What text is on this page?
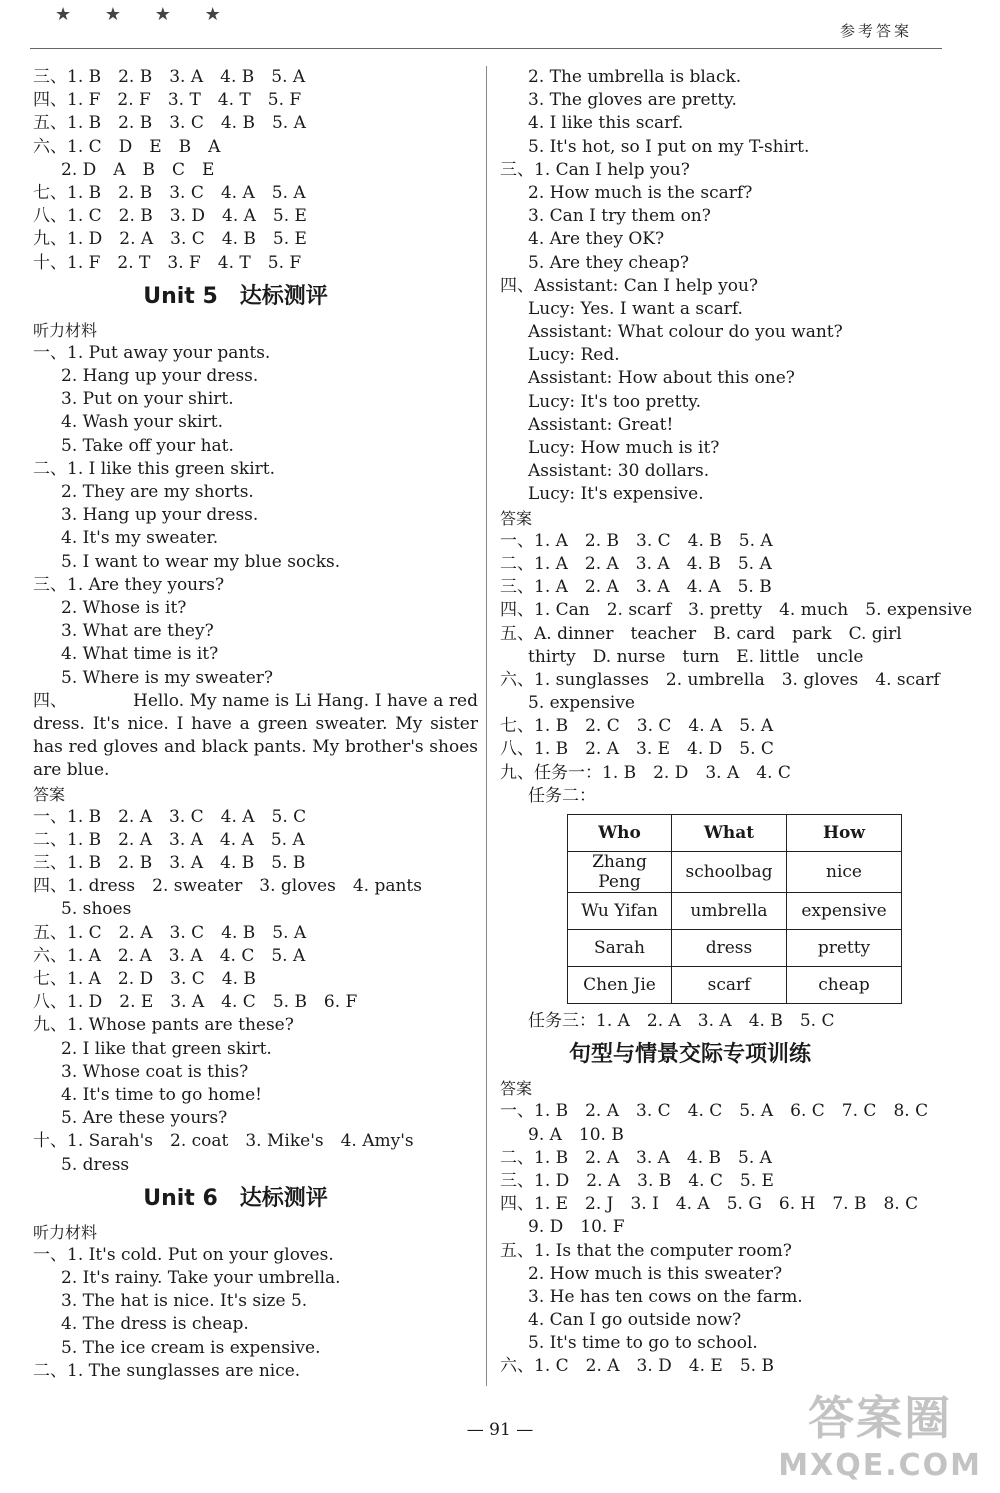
★ ★ ★ ★
参考答案
三、1. B　2. B　3. A　4. B　5. A
四、1. F　2. F　3. T　4. T　5. F
五、1. B　2. B　3. C　4. B　5. A
六、1. C　D　E　B　A
2. D　A　B　C　E
七、1. B　2. B　3. C　4. A　5. A
八、1. C　2. B　3. D　4. A　5. E
九、1. D　2. A　3. C　4. B　5. E
十、1. F　2. T　3. F　4. T　5. F
Unit 5　达标测评
听力材料
一、1. Put away your pants.
2. Hang up your dress.
3. Put on your shirt.
4. Wash your skirt.
5. Take off your hat.
二、1. I like this green skirt.
2. They are my shorts.
3. Hang up your dress.
4. It's my sweater.
5. I want to wear my blue socks.
三、1. Are they yours?
2. Whose is it?
3. What are they?
4. What time is it?
5. Where is my sweater?

四、	Hello. My name is Li Hang. I have a red dress. It's nice. I have a green sweater. My sister has red gloves and black pants. My brother's shoes are blue.

答案
一、1. B　2. A　3. C　4. A　5. C
二、1. B　2. A　3. A　4. A　5. A
三、1. B　2. B　3. A　4. B　5. B
四、1. dress　2. sweater　3. gloves　4. pants
5. shoes
五、1. C　2. A　3. C　4. B　5. A
六、1. A　2. A　3. A　4. C　5. A
七、1. A　2. D　3. C　4. B
八、1. D　2. E　3. A　4. C　5. B　6. F
九、1. Whose pants are these?
2. I like that green skirt.
3. Whose coat is this?
4. It's time to go home!
5. Are these yours?
十、1. Sarah's　2. coat　3. Mike's　4. Amy's
5. dress
Unit 6　达标测评
听力材料
一、1. It's cold. Put on your gloves.
2. It's rainy. Take your umbrella.
3. The hat is nice. It's size 5.
4. The dress is cheap.
5. The ice cream is expensive.
二、1. The sunglasses are nice.
2. The umbrella is black.
3. The gloves are pretty.
4. I like this scarf.
5. It's hot, so I put on my T-shirt.
三、1. Can I help you?
2. How much is the scarf?
3. Can I try them on?
4. Are they OK?
5. Are they cheap?
四、Assistant: Can I help you?
Lucy: Yes. I want a scarf.
Assistant: What colour do you want?
Lucy: Red.
Assistant: How about this one?
Lucy: It's too pretty.
Assistant: Great!
Lucy: How much is it?
Assistant: 30 dollars.
Lucy: It's expensive.
答案
一、1. A　2. B　3. C　4. B　5. A
二、1. A　2. A　3. A　4. B　5. A
三、1. A　2. A　3. A　4. A　5. B
四、1. Can　2. scarf　3. pretty　4. much　5. expensive
五、A. dinner　teacher　B. card　park　C. girl
thirty　D. nurse　turn　E. little　uncle
六、1. sunglasses　2. umbrella　3. gloves　4. scarf
5. expensive
七、1. B　2. C　3. C　4. A　5. A
八、1. B　2. A　3. E　4. D　5. C
九、任务一：1. B　2. D　3. A　4. C
任务二：
Who	What	How
Zhang Peng	schoolbag	nice
Wu Yifan	umbrella	expensive
Sarah	dress	pretty
Chen Jie	scarf	cheap
任务三：1. A　2. A　3. A　4. B　5. C
句型与情景交际专项训练
答案
一、1. B　2. A　3. C　4. C　5. A　6. C　7. C　8. C
9. A　10. B
二、1. B　2. A　3. A　4. B　5. A
三、1. D　2. A　3. B　4. C　5. E
四、1. E　2. J　3. I　4. A　5. G　6. H　7. B　8. C
9. D　10. F
五、1. Is that the computer room?
2. How much is this sweater?
3. He has ten cows on the farm.
4. Can I go outside now?
5. It's time to go to school.
六、1. C　2. A　3. D　4. E　5. B
— 91 —	答案圈
MXQE.COM
